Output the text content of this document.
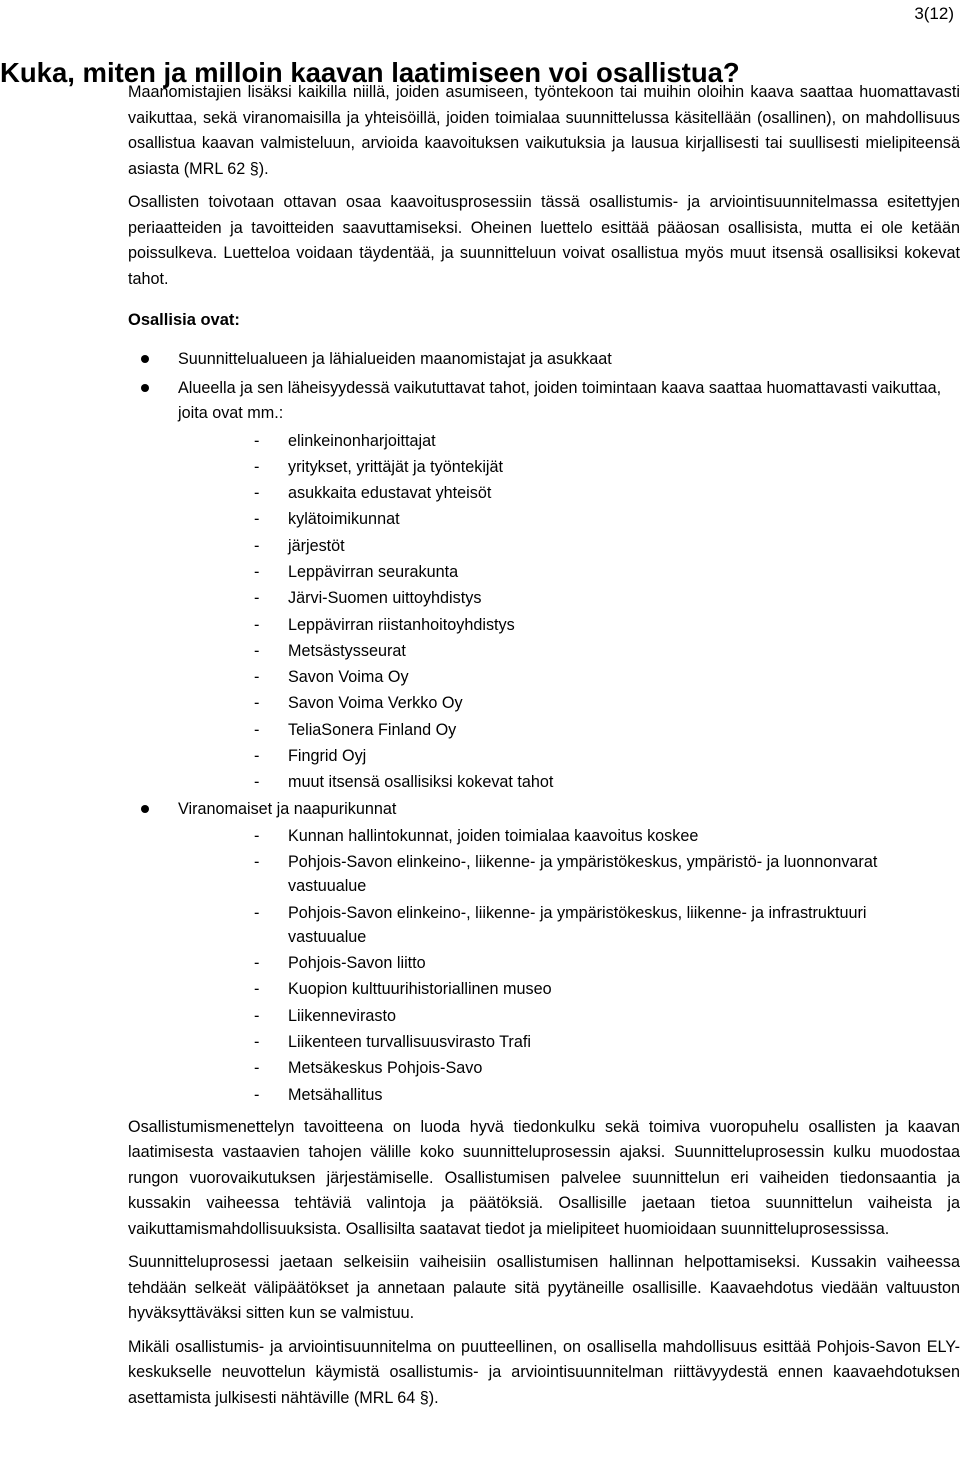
3(12)
Kuka, miten ja milloin kaavan laatimiseen voi osallistua?

Maanomistajien lisäksi kaikilla niillä, joiden asumiseen, työntekoon tai muihin oloihin kaava saattaa huomattavasti vaikuttaa, sekä viranomaisilla ja yhteisöillä, joiden toimialaa suunnittelussa käsitellään (osallinen), on mahdollisuus osallistua kaavan valmisteluun, arvioida kaavoituksen vaikutuksia ja lausua kirjallisesti tai suullisesti mielipiteensä asiasta (MRL 62 §).

Osallisten toivotaan ottavan osaa kaavoitusprosessiin tässä osallistumis- ja arviointisuunnitelmassa esitettyjen periaatteiden ja tavoitteiden saavuttamiseksi. Oheinen luettelo esittää pääosan osallisista, mutta ei ole ketään poissulkeva. Luetteloa voidaan täydentää, ja suunnitteluun voivat osallistua myös muut itsensä osallisiksi kokevat tahot.

Osallisia ovat:

Suunnittelualueen ja lähialueiden maanomistajat ja asukkaat
Alueella ja sen läheisyydessä vaikututtavat tahot, joiden toimintaan kaava saattaa huomattavasti vaikuttaa, joita ovat mm.:
- elinkeinonharjoittajat
- yritykset, yrittäjät ja työntekijät
- asukkaita edustavat yhteisöt
- kylätoimikunnat
- järjestöt
- Leppävirran seurakunta
- Järvi-Suomen uittoyhdistys
- Leppävirran riistanhoitoyhdistys
- Metsästysseurat
- Savon Voima Oy
- Savon Voima Verkko Oy
- TeliaSonera Finland Oy
- Fingrid Oyj
- muut itsensä osallisiksi kokevat tahot
Viranomaiset ja naapurikunnat
- Kunnan hallintokunnat, joiden toimialaa kaavoitus koskee
- Pohjois-Savon elinkeino-, liikenne- ja ympäristökeskus, ympäristö- ja luonnonvarat vastuualue
- Pohjois-Savon elinkeino-, liikenne- ja ympäristökeskus, liikenne- ja infrastruktuuri vastuualue
- Pohjois-Savon liitto
- Kuopion kulttuurihistoriallinen museo
- Liikennevirasto
- Liikenteen turvallisuusvirasto Trafi
- Metsäkeskus Pohjois-Savo
- Metsähallitus

Osallistumismenettelyn tavoitteena on luoda hyvä tiedonkulku sekä toimiva vuoropuhelu osallisten ja kaavan laatimisesta vastaavien tahojen välille koko suunnitteluprosessin ajaksi. Suunnitteluprosessin kulku muodostaa rungon vuorovaikutuksen järjestämiselle. Osallistumisen palvelee suunnittelun eri vaiheiden tiedonsaantia ja kussakin vaiheessa tehtäviä valintoja ja päätöksiä. Osallisille jaetaan tietoa suunnittelun vaiheista ja vaikuttamismahdollisuuksista. Osallisilta saatavat tiedot ja mielipiteet huomioidaan suunnitteluprosessissa.

Suunnitteluprosessi jaetaan selkeisiin vaiheisiin osallistumisen hallinnan helpottamiseksi. Kussakin vaiheessa tehdään selkeät välipäätökset ja annetaan palaute sitä pyytäneille osallisille. Kaavaehdotus viedään valtuuston hyväksyttäväksi sitten kun se valmistuu.

Mikäli osallistumis- ja arviointisuunnitelma on puutteellinen, on osallisella mahdollisuus esittää Pohjois-Savon ELY-keskukselle neuvottelun käymistä osallistumis- ja arviointisuunnitelman riittävyydestä ennen kaavaehdotuksen asettamista julkisesti nähtäville (MRL 64 §).
